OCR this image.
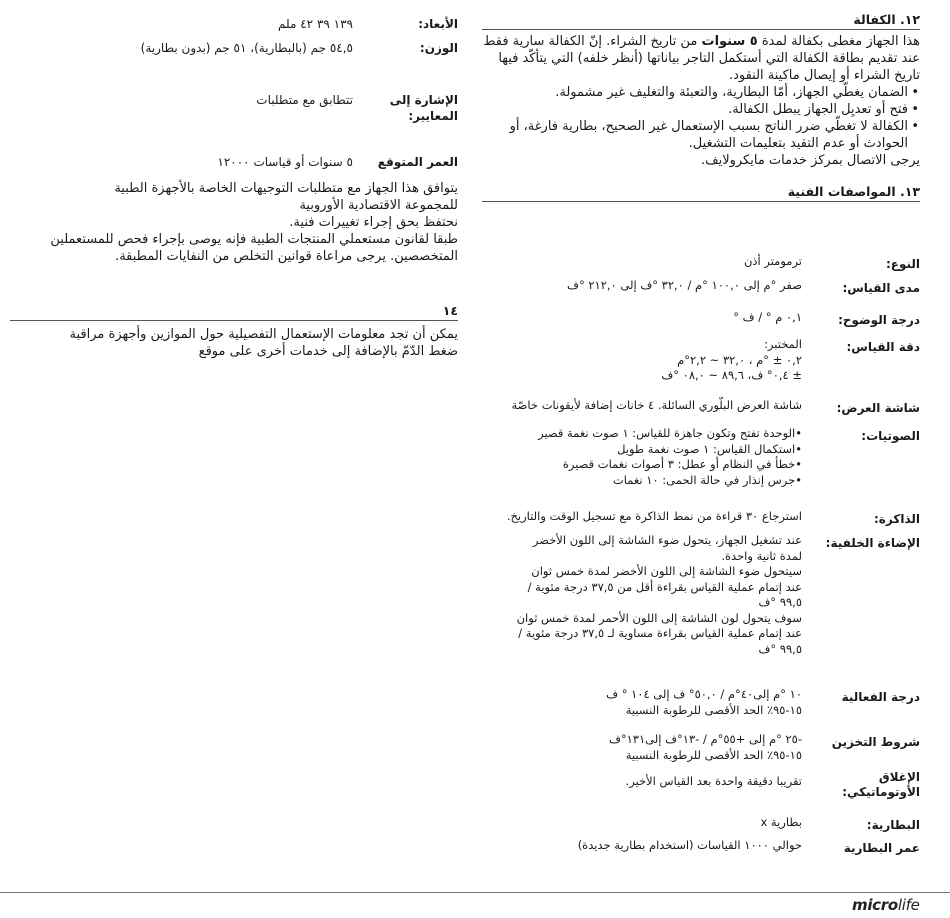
١٢. الكفالة
هذا الجهاز مغطى بكفالة لمدة ٥ سنوات من تاريخ الشراء. إنّ الكفالة سارية فقط عند تقديم بطاقة الكفالة التي أستكمل التاجر بياناتها (أنظر خلفه) التي يتأكّد فيها تاريخ الشراء أو إيصال ماكينة النقود.
• الضمان يغطّي الجهاز، أمّا البطارية، والتعبئة والتغليف غير مشمولة.
• فتح أو تعديِل الجهاز يبطل الكفالة.
• الكفالة لا تغطّي ضرر الناتج بسبب الإستعمال غير الصحيح، بطارية فارغة، أو الحوادث أو عدم التقيد بتعليمات التشغيل.
يرجى الاتصال بمركز خدمات مايكرولايف.
١٣. المواصفات الفنية
النوع:
ترمومتر أذن
مدى القياس:
صفر °م إلى ١٠٠,٠ °م / ٣٢,٠ °ف إلى ٢١٢,٠ °ف
درجة الوضوح:
٠,١ م ° / ف °
دقة القياس:
المختبر:
٠,٢ ± °م ، ٣٢,٠ ~ ٢,٢°م
± ٠,٤° ف، ٨٩,٦ ~ ٠٨,٠ °ف
شاشة العرض:
شاشة العرض البلّوري السائلة. ٤ خانات إضافة لأيقونات خاصّة
الصوتيات:
•الوحدة تفتح وتكون جاهزة للقياس: ١ صوت نغمة قصير
•استكمال القياس: ١ صوت نغمة طويل
•خطأ في النظام أو عطل: ٣ أصوات نغمات قصيرة
•جرس إنذار في حالة الحمى: ١٠ نغمات
الذاكرة:
استرجاع ٣٠ قراءة من نمط الذاكرة مع تسجيل الوقت والتاريخ.
الإضاءة الخلفية:
عند تشغيل الجهاز، يتحول ضوء الشاشة إلى اللون الأخضر
لمدة ثانية واحدة.
سيتحول ضوء الشاشة إلى اللون الأخضر لمدة خمس ثوان
عند إتمام عملية القياس بقراءة أقل من ٣٧,٥ درجة مئوية /
٩٩,٥ °ف
سوف يتحول لون الشاشة إلى اللون الأحمر لمدة خمس ثوان
عند إتمام عملية القياس بقراءة مساوية لـ ٣٧,٥ درجة مئوية /
٩٩,٥ °ف
درجة الفعالية
١٠ °م إلى٤٠°م / ٥٠,٠° ف إلى ١٠٤ ° ف
١٥-٩٥٪ الحد الأقصى للرطوبة النسبية
شروط التخزين
-٢٥ °م إلى +٥٥°م / -١٣°ف إلى١٣١°ف
١٥-٩٥٪ الحد الأقصى للرطوبة النسبية
الإغلاق الأوتوماتيكي:
تقريبا دقيقة واحدة بعد القياس الأخير.
البطارية:
بطارية x
عمر البطارية
حوالي ١٠٠٠ القياسات (استخدام بطارية جديدة)
الأبعاد:
١٣٩ ٣٩ ٤٢ ملم
الوزن:
٥٤,٥ جم (بالبطارية)، ٥١ جم (بدون بطارية)
الإشارة إلى المعايير:
تتطابق مع متطلبات
العمر المتوقع
٥ سنوات أو قياسات ١٢٠٠٠
يتوافق هذا الجهاز مع متطلبات التوجيهات الخاصة بالأجهزة الطبية
للمجموعة الاقتصادية الأوروبية
نحتفظ بحق إجراء تغييرات فنية.
طبقا لقانون مستعملي المنتجات الطبية فإنه يوصى بإجراء فحص للمستعملين
المتخصصين. يرجى مراعاة قوانين التخلص من النفايات المطبقة.
١٤
يمكن أن تجد معلومات الإستعمال التفصيلية حول الموازين وأجهزة مراقبة
ضغط الدّمّ بالإضافة إلى خدمات أخرى على موقع
microlife
